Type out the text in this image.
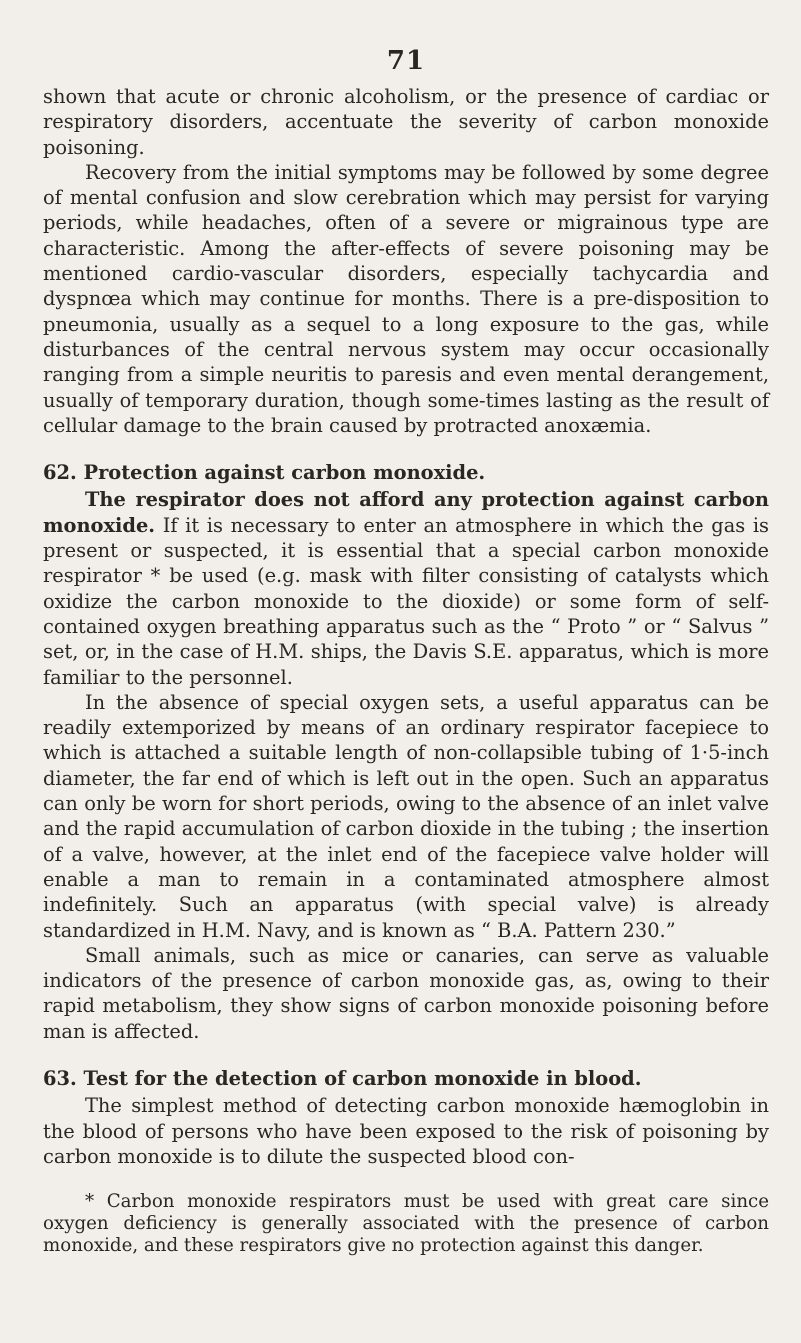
71

shown that acute or chronic alcoholism, or the presence of cardiac or respiratory disorders, accentuate the severity of carbon monoxide poisoning.

Recovery from the initial symptoms may be followed by some degree of mental confusion and slow cerebration which may persist for varying periods, while headaches, often of a severe or migrainous type are characteristic. Among the after-effects of severe poisoning may be mentioned cardio-vascular disorders, especially tachycardia and dyspnœa which may continue for months. There is a pre-disposition to pneumonia, usually as a sequel to a long exposure to the gas, while disturbances of the central nervous system may occur occasionally ranging from a simple neuritis to paresis and even mental derangement, usually of temporary duration, though some-times lasting as the result of cellular damage to the brain caused by protracted anoxæmia.

62. Protection against carbon monoxide.

The respirator does not afford any protection against carbon monoxide. If it is necessary to enter an atmosphere in which the gas is present or suspected, it is essential that a special carbon monoxide respirator * be used (e.g. mask with filter consisting of catalysts which oxidize the carbon monoxide to the dioxide) or some form of self-contained oxygen breathing apparatus such as the “ Proto ” or “ Salvus ” set, or, in the case of H.M. ships, the Davis S.E. apparatus, which is more familiar to the personnel.

In the absence of special oxygen sets, a useful apparatus can be readily extemporized by means of an ordinary respirator facepiece to which is attached a suitable length of non-collapsible tubing of 1·5-inch diameter, the far end of which is left out in the open. Such an apparatus can only be worn for short periods, owing to the absence of an inlet valve and the rapid accumulation of carbon dioxide in the tubing ; the insertion of a valve, however, at the inlet end of the facepiece valve holder will enable a man to remain in a contaminated atmosphere almost indefinitely. Such an apparatus (with special valve) is already standardized in H.M. Navy, and is known as “ B.A. Pattern 230.”

Small animals, such as mice or canaries, can serve as valuable indicators of the presence of carbon monoxide gas, as, owing to their rapid metabolism, they show signs of carbon monoxide poisoning before man is affected.

63. Test for the detection of carbon monoxide in blood.

The simplest method of detecting carbon monoxide hæmoglobin in the blood of persons who have been exposed to the risk of poisoning by carbon monoxide is to dilute the suspected blood con-

* Carbon monoxide respirators must be used with great care since oxygen deficiency is generally associated with the presence of carbon monoxide, and these respirators give no protection against this danger.
